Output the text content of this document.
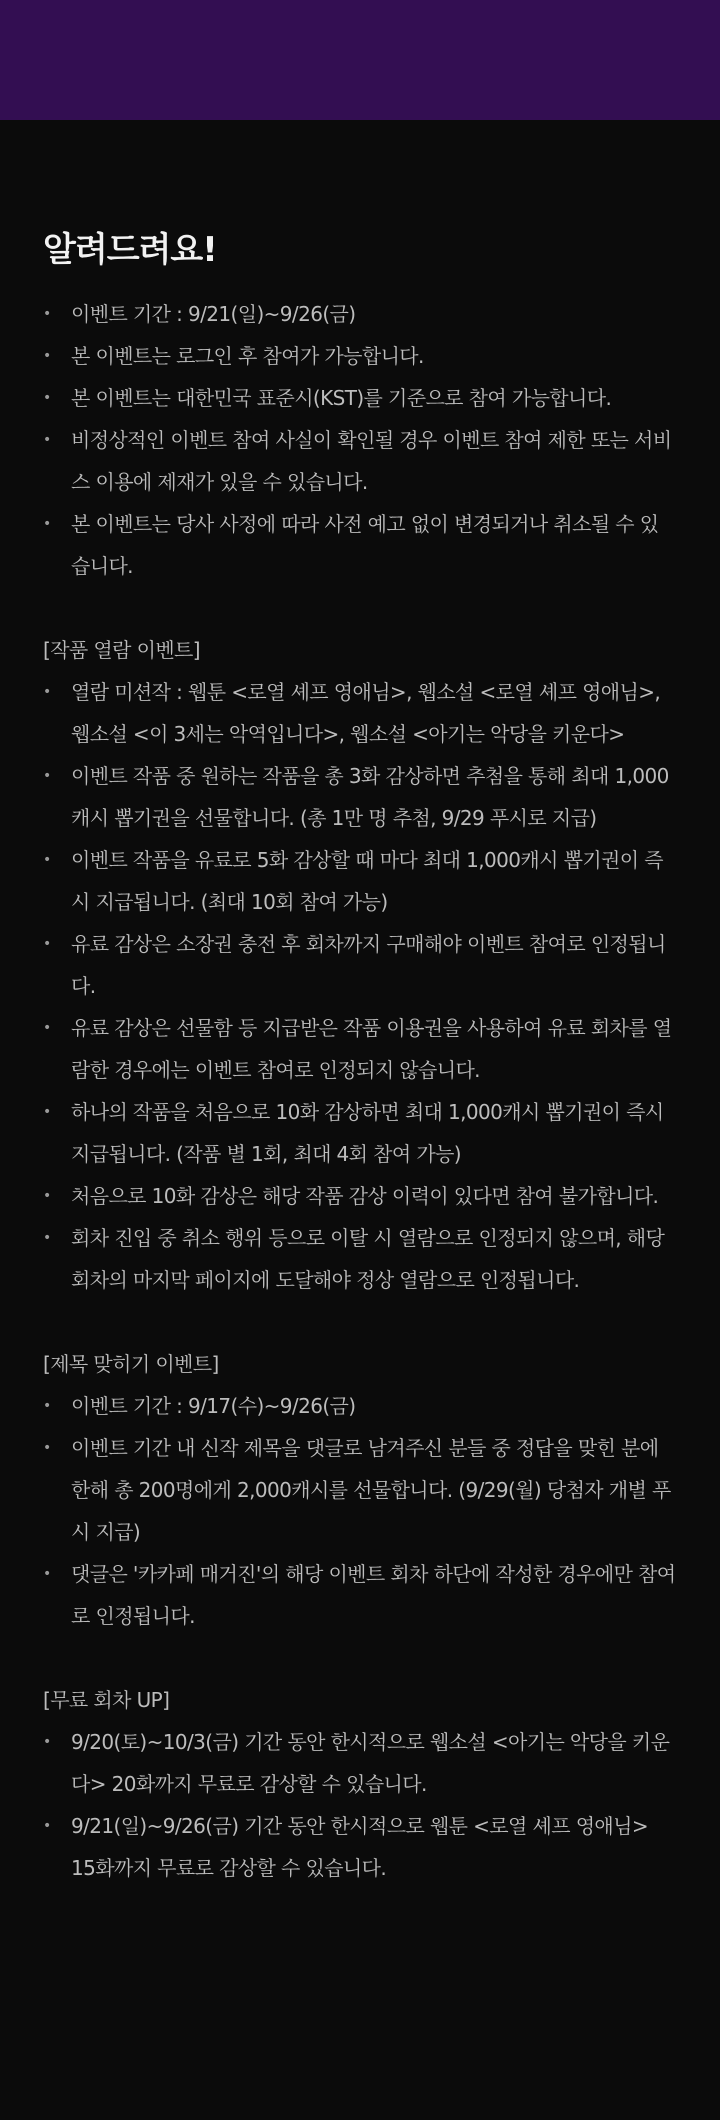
알려드려요!
• 이벤트 기간 : 9/21(일)~9/26(금)
• 본 이벤트는 로그인 후 참여가 가능합니다.
• 본 이벤트는 대한민국 표준시(KST)를 기준으로 참여 가능합니다.
• 비정상적인 이벤트 참여 사실이 확인될 경우 이벤트 참여 제한 또는 서비스 이용에 제재가 있을 수 있습니다.
• 본 이벤트는 당사 사정에 따라 사전 예고 없이 변경되거나 취소될 수 있습니다.
[작품 열람 이벤트]
• 열람 미션작 : 웹툰 <로열 셰프 영애님>, 웹소설 <로열 셰프 영애님>, 웹소설 <이 3세는 악역입니다>, 웹소설 <아기는 악당을 키운다>
• 이벤트 작품 중 원하는 작품을 총 3화 감상하면 추첨을 통해 최대 1,000 캐시 뽑기권을 선물합니다. (총 1만 명 추첨, 9/29 푸시로 지급)
• 이벤트 작품을 유료로 5화 감상할 때 마다 최대 1,000캐시 뽑기권이 즉시 지급됩니다. (최대 10회 참여 가능)
• 유료 감상은 소장권 충전 후 회차까지 구매해야 이벤트 참여로 인정됩니다.
• 유료 감상은 선물함 등 지급받은 작품 이용권을 사용하여 유료 회차를 열람한 경우에는 이벤트 참여로 인정되지 않습니다.
• 하나의 작품을 처음으로 10화 감상하면 최대 1,000캐시 뽑기권이 즉시 지급됩니다. (작품 별 1회, 최대 4회 참여 가능)
• 처음으로 10화 감상은 해당 작품 감상 이력이 있다면 참여 불가합니다.
• 회차 진입 중 취소 행위 등으로 이탈 시 열람으로 인정되지 않으며, 해당 회차의 마지막 페이지에 도달해야 정상 열람으로 인정됩니다.
[제목 맞히기 이벤트]
• 이벤트 기간 : 9/17(수)~9/26(금)
• 이벤트 기간 내 신작 제목을 댓글로 남겨주신 분들 중 정답을 맞힌 분에 한해 총 200명에게 2,000캐시를 선물합니다. (9/29(월) 당첨자 개별 푸시 지급)
• 댓글은 '카카페 매거진'의 해당 이벤트 회차 하단에 작성한 경우에만 참여로 인정됩니다.
[무료 회차 UP]
• 9/20(토)~10/3(금) 기간 동안 한시적으로 웹소설 <아기는 악당을 키운다> 20화까지 무료로 감상할 수 있습니다.
• 9/21(일)~9/26(금) 기간 동안 한시적으로 웹툰 <로열 셰프 영애님> 15화까지 무료로 감상할 수 있습니다.
